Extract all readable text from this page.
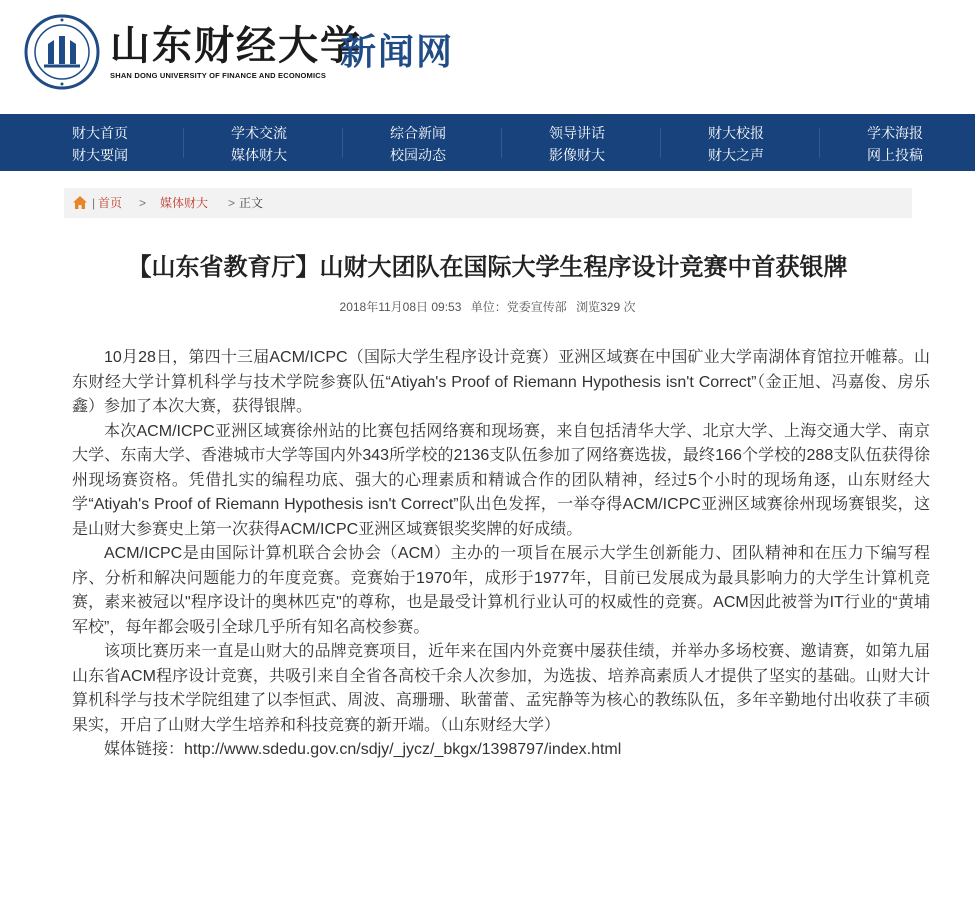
山东财经大学
SHAN DONG UNIVERSITY OF FINANCE AND ECONOMICS
新闻网
财大首页
财大要闻
学术交流
媒体财大
综合新闻
校园动态
领导讲话
影像财大
财大校报
财大之声
学术海报
网上投稿
| 首页 > 媒体财大 > 正文
【山东省教育厅】山财大团队在国际大学生程序设计竞赛中首获银牌
2018年11月08日 09:53 单位：党委宣传部 浏览329 次

10月28日，第四十三届ACM/ICPC（国际大学生程序设计竞赛）亚洲区域赛在中国矿业大学南湖体育馆拉开帷幕。山东财经大学计算机科学与技术学院参赛队伍“Atiyah's Proof of Riemann Hypothesis isn't Correct”（金正旭、冯嘉俊、房乐鑫）参加了本次大赛，获得银牌。

本次ACM/ICPC亚洲区域赛徐州站的比赛包括网络赛和现场赛，来自包括清华大学、北京大学、上海交通大学、南京大学、东南大学、香港城市大学等国内外343所学校的2136支队伍参加了网络赛选拔，最终166个学校的288支队伍获得徐州现场赛资格。凭借扎实的编程功底、强大的心理素质和精诚合作的团队精神，经过5个小时的现场角逐，山东财经大学“Atiyah's Proof of Riemann Hypothesis isn't Correct”队出色发挥，一举夺得ACM/ICPC亚洲区域赛徐州现场赛银奖，这是山财大参赛史上第一次获得ACM/ICPC亚洲区域赛银奖奖牌的好成绩。

ACM/ICPC是由国际计算机联合会协会（ACM）主办的一项旨在展示大学生创新能力、团队精神和在压力下编写程序、分析和解决问题能力的年度竞赛。竞赛始于1970年，成形于1977年，目前已发展成为最具影响力的大学生计算机竞赛，素来被冠以"程序设计的奥林匹克"的尊称，也是最受计算机行业认可的权威性的竞赛。ACM因此被誉为IT行业的“黄埔军校”，每年都会吸引全球几乎所有知名高校参赛。

该项比赛历来一直是山财大的品牌竞赛项目，近年来在国内外竞赛中屡获佳绩，并举办多场校赛、邀请赛，如第九届山东省ACM程序设计竞赛，共吸引来自全省各高校千余人次参加，为选拔、培养高素质人才提供了坚实的基础。山财大计算机科学与技术学院组建了以李恒武、周波、高珊珊、耿蕾蕾、孟宪静等为核心的教练队伍，多年辛勤地付出收获了丰硕果实，开启了山财大学生培养和科技竞赛的新开端。（山东财经大学）

媒体链接：http://www.sdedu.gov.cn/sdjy/_jycz/_bkgx/1398797/index.html
